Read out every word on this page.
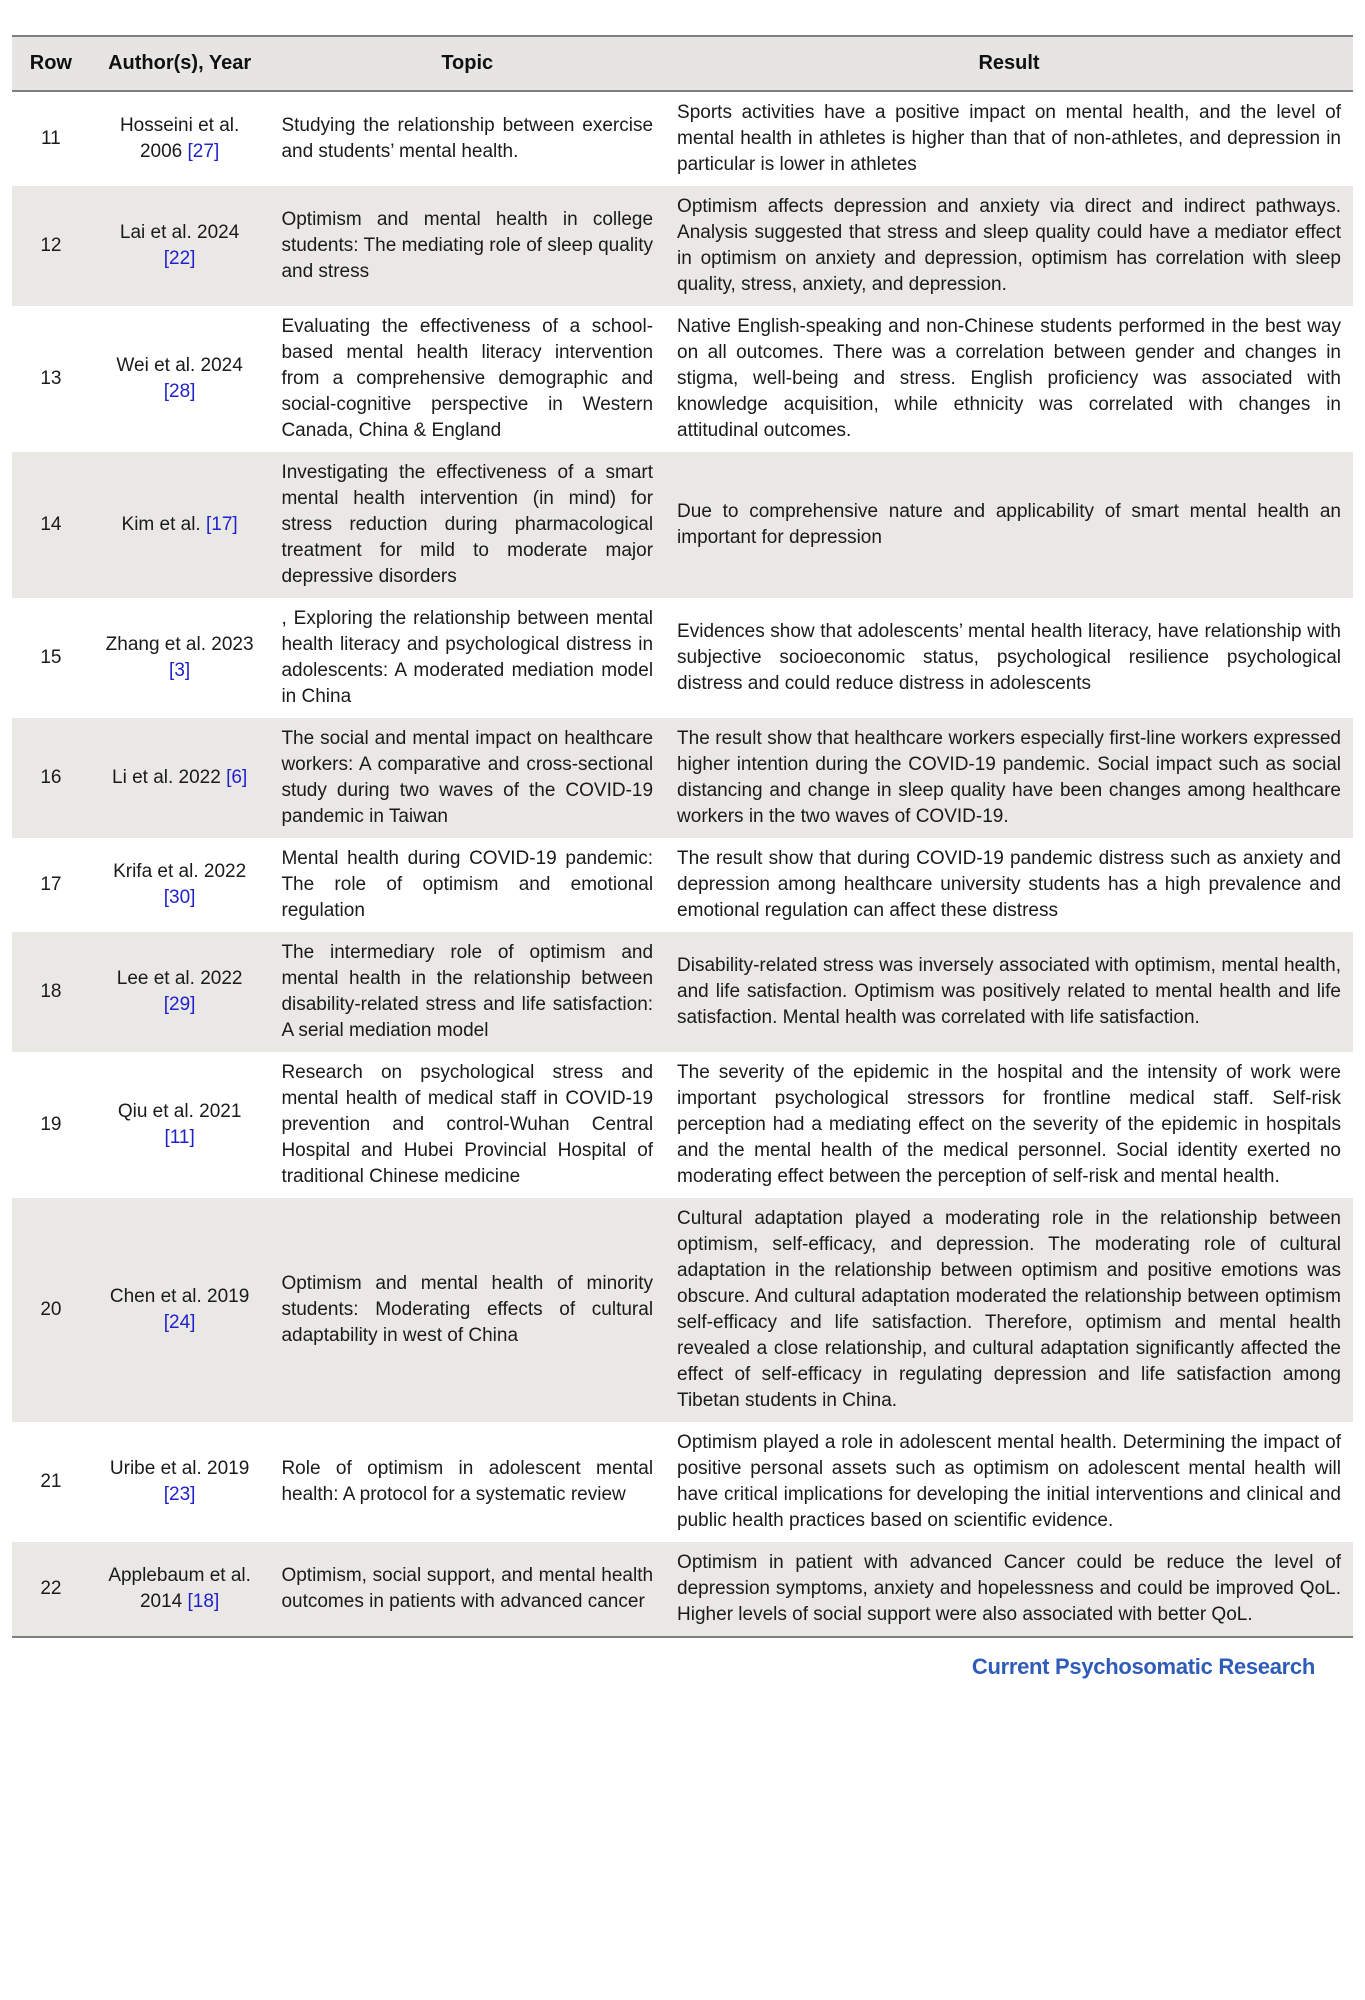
Row	Author(s), Year	Topic	Result
11	Hosseini et al. 2006 [27]	Studying the relationship between exercise and students’ mental health.	Sports activities have a positive impact on mental health, and the level of mental health in athletes is higher than that of non-athletes, and depression in particular is lower in athletes
12	Lai et al. 2024 [22]	Optimism and mental health in college students: The mediating role of sleep quality and stress	Optimism affects depression and anxiety via direct and indirect pathways. Analysis suggested that stress and sleep quality could have a mediator effect in optimism on anxiety and depression, optimism has correlation with sleep quality, stress, anxiety, and depression.
13	Wei et al. 2024 [28]	Evaluating the effectiveness of a school-based mental health literacy intervention from a comprehensive demographic and social-cognitive perspective in Western Canada, China & England	Native English-speaking and non-Chinese students performed in the best way on all outcomes. There was a correlation between gender and changes in stigma, well-being and stress. English proficiency was associated with knowledge acquisition, while ethnicity was correlated with changes in attitudinal outcomes.
14	Kim et al. [17]	Investigating the effectiveness of a smart mental health intervention (in mind) for stress reduction during pharmacological treatment for mild to moderate major depressive disorders	Due to comprehensive nature and applicability of smart mental health an important for depression
15	Zhang et al. 2023 [3]	, Exploring the relationship between mental health literacy and psychological distress in adolescents: A moderated mediation model in China	Evidences show that adolescents’ mental health literacy, have relationship with subjective socioeconomic status, psychological resilience psychological distress and could reduce distress in adolescents
16	Li et al. 2022 [6]	The social and mental impact on healthcare workers: A comparative and cross-sectional study during two waves of the COVID-19 pandemic in Taiwan	The result show that healthcare workers especially first-line workers expressed higher intention during the COVID-19 pandemic. Social impact such as social distancing and change in sleep quality have been changes among healthcare workers in the two waves of COVID-19.
17	Krifa et al. 2022 [30]	Mental health during COVID-19 pandemic: The role of optimism and emotional regulation	The result show that during COVID-19 pandemic distress such as anxiety and depression among healthcare university students has a high prevalence and emotional regulation can affect these distress
18	Lee et al. 2022 [29]	The intermediary role of optimism and mental health in the relationship between disability-related stress and life satisfaction: A serial mediation model	Disability-related stress was inversely associated with optimism, mental health, and life satisfaction. Optimism was positively related to mental health and life satisfaction. Mental health was correlated with life satisfaction.
19	Qiu et al. 2021 [11]	Research on psychological stress and mental health of medical staff in COVID-19 prevention and control-Wuhan Central Hospital and Hubei Provincial Hospital of traditional Chinese medicine	The severity of the epidemic in the hospital and the intensity of work were important psychological stressors for frontline medical staff. Self-risk perception had a mediating effect on the severity of the epidemic in hospitals and the mental health of the medical personnel. Social identity exerted no moderating effect between the perception of self-risk and mental health.
20	Chen et al. 2019 [24]	Optimism and mental health of minority students: Moderating effects of cultural adaptability in west of China	Cultural adaptation played a moderating role in the relationship between optimism, self-efficacy, and depression. The moderating role of cultural adaptation in the relationship between optimism and positive emotions was obscure. And cultural adaptation moderated the relationship between optimism self-efficacy and life satisfaction. Therefore, optimism and mental health revealed a close relationship, and cultural adaptation significantly affected the effect of self-efficacy in regulating depression and life satisfaction among Tibetan students in China.
21	Uribe et al. 2019 [23]	Role of optimism in adolescent mental health: A protocol for a systematic review	Optimism played a role in adolescent mental health. Determining the impact of positive personal assets such as optimism on adolescent mental health will have critical implications for developing the initial interventions and clinical and public health practices based on scientific evidence.
22	Applebaum et al. 2014 [18]	Optimism, social support, and mental health outcomes in patients with advanced cancer	Optimism in patient with advanced Cancer could be reduce the level of depression symptoms, anxiety and hopelessness and could be improved QoL. Higher levels of social support were also associated with better QoL.
Current Psychosomatic Research
